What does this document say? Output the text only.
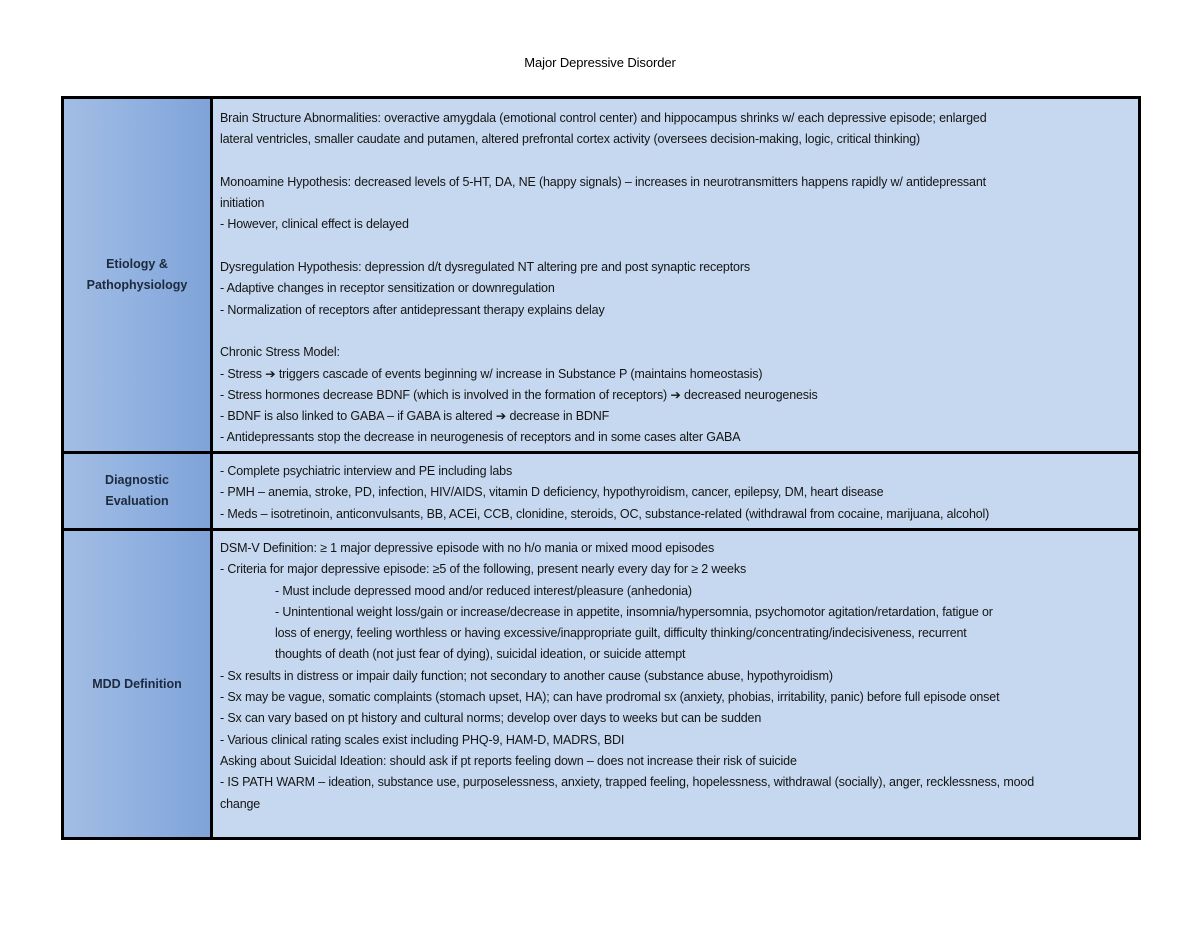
Major Depressive Disorder
Etiology &
Pathophysiology
Brain Structure Abnormalities: overactive amygdala (emotional control center) and hippocampus shrinks w/ each depressive episode; enlarged
lateral ventricles, smaller caudate and putamen, altered prefrontal cortex activity (oversees decision-making, logic, critical thinking)
Monoamine Hypothesis: decreased levels of 5-HT, DA, NE (happy signals) – increases in neurotransmitters happens rapidly w/ antidepressant
initiation
- However, clinical effect is delayed
Dysregulation Hypothesis: depression d/t dysregulated NT altering pre and post synaptic receptors
- Adaptive changes in receptor sensitization or downregulation
- Normalization of receptors after antidepressant therapy explains delay
Chronic Stress Model:
- Stress ➔ triggers cascade of events beginning w/ increase in Substance P (maintains homeostasis)
- Stress hormones decrease BDNF (which is involved in the formation of receptors) ➔ decreased neurogenesis
- BDNF is also linked to GABA – if GABA is altered ➔ decrease in BDNF
- Antidepressants stop the decrease in neurogenesis of receptors and in some cases alter GABA
Diagnostic
Evaluation
- Complete psychiatric interview and PE including labs
- PMH – anemia, stroke, PD, infection, HIV/AIDS, vitamin D deficiency, hypothyroidism, cancer, epilepsy, DM, heart disease
- Meds – isotretinoin, anticonvulsants, BB, ACEi, CCB, clonidine, steroids, OC, substance-related (withdrawal from cocaine, marijuana, alcohol)
MDD Definition
DSM-V Definition: ≥ 1 major depressive episode with no h/o mania or mixed mood episodes
- Criteria for major depressive episode: ≥5 of the following, present nearly every day for ≥ 2 weeks
- Must include depressed mood and/or reduced interest/pleasure (anhedonia)
- Unintentional weight loss/gain or increase/decrease in appetite, insomnia/hypersomnia, psychomotor agitation/retardation, fatigue or
loss of energy, feeling worthless or having excessive/inappropriate guilt, difficulty thinking/concentrating/indecisiveness, recurrent
thoughts of death (not just fear of dying), suicidal ideation, or suicide attempt
- Sx results in distress or impair daily function; not secondary to another cause (substance abuse, hypothyroidism)
- Sx may be vague, somatic complaints (stomach upset, HA); can have prodromal sx (anxiety, phobias, irritability, panic) before full episode onset
- Sx can vary based on pt history and cultural norms; develop over days to weeks but can be sudden
- Various clinical rating scales exist including PHQ-9, HAM-D, MADRS, BDI
Asking about Suicidal Ideation: should ask if pt reports feeling down – does not increase their risk of suicide
- IS PATH WARM – ideation, substance use, purposelessness, anxiety, trapped feeling, hopelessness, withdrawal (socially), anger, recklessness, mood
change
